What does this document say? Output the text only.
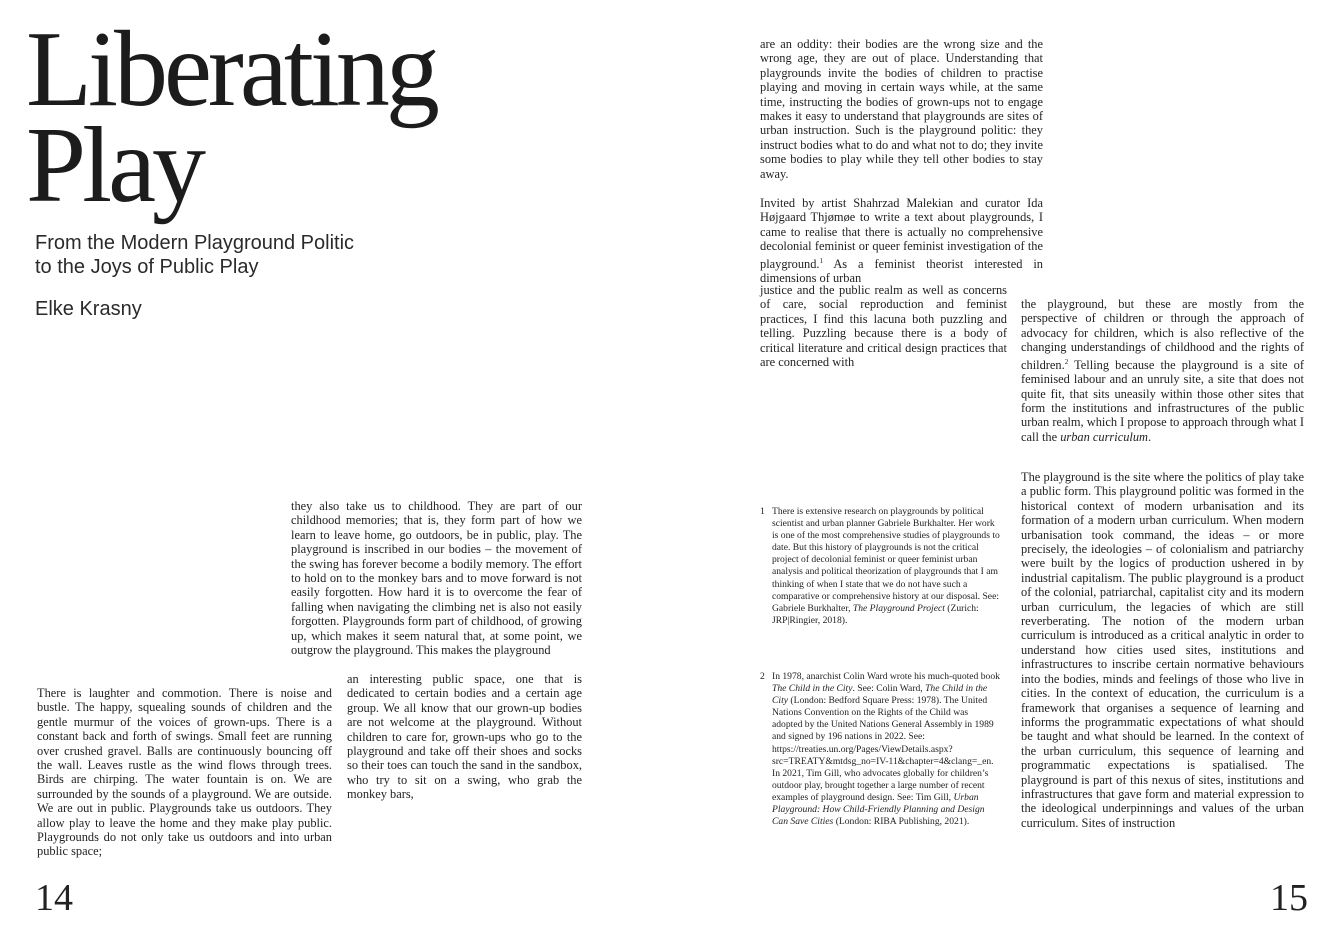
Liberating
Play
From the Modern Playground Politic
to the Joys of Public Play
Elke Krasny

they also take us to childhood. They are part of our childhood memories; that is, they form part of how we learn to leave home, go outdoors, be in public, play. The playground is inscribed in our bodies – the movement of the swing has forever become a bodily memory. The effort to hold on to the monkey bars and to move forward is not easily forgotten. How hard it is to overcome the fear of falling when navigating the climbing net is also not easily forgotten. Playgrounds form part of childhood, of growing up, which makes it seem natural that, at some point, we outgrow the playground. This makes the playground

an interesting public space, one that is dedicated to certain bodies and a certain age group. We all know that our grown-up bodies are not welcome at the playground. Without children to care for, grown-ups who go to the playground and take off their shoes and socks so their toes can touch the sand in the sandbox, who try to sit on a swing, who grab the monkey bars,

There is laughter and commotion. There is noise and bustle. The happy, squealing sounds of children and the gentle murmur of the voices of grown-ups. There is a constant back and forth of swings. Small feet are running over crushed gravel. Balls are continuously bouncing off the wall. Leaves rustle as the wind flows through trees. Birds are chirping. The water fountain is on. We are surrounded by the sounds of a playground. We are outside. We are out in public. Playgrounds take us outdoors. They allow play to leave the home and they make play public. Playgrounds do not only take us outdoors and into urban public space;

14

are an oddity: their bodies are the wrong size and the wrong age, they are out of place. Understanding that playgrounds invite the bodies of children to practise playing and moving in certain ways while, at the same time, instructing the bodies of grown-ups not to engage makes it easy to understand that playgrounds are sites of urban instruction. Such is the playground politic: they instruct bodies what to do and what not to do; they invite some bodies to play while they tell other bodies to stay away.

Invited by artist Shahrzad Malekian and curator Ida Højgaard Thjømøe to write a text about playgrounds, I came to realise that there is actually no comprehensive decolonial feminist or queer feminist investigation of the playground.$^1$ As a feminist theorist interested in dimensions of urban

justice and the public realm as well as concerns of care, social reproduction and feminist practices, I find this lacuna both puzzling and telling. Puzzling because there is a body of critical literature and critical design practices that are concerned with

the playground, but these are mostly from the perspective of children or through the approach of advocacy for children, which is also reflective of the changing understandings of childhood and the rights of children.$^2$ Telling because the playground is a site of feminised labour and an unruly site, a site that does not quite fit, that sits uneasily within those other sites that form the institutions and infrastructures of the public urban realm, which I propose to approach through what I call the urban curriculum.

The playground is the site where the politics of play take a public form. This playground politic was formed in the historical context of modern urbanisation and its formation of a modern urban curriculum. When modern urbanisation took command, the ideas – or more precisely, the ideologies – of colonialism and patriarchy were built by the logics of production ushered in by industrial capitalism. The public playground is a product of the colonial, patriarchal, capitalist city and its modern urban curriculum, the legacies of which are still reverberating. The notion of the modern urban curriculum is introduced as a critical analytic in order to understand how cities used sites, institutions and infrastructures to inscribe certain normative behaviours into the bodies, minds and feelings of those who live in cities. In the context of education, the curriculum is a framework that organises a sequence of learning and informs the programmatic expectations of what should be taught and what should be learned. In the context of the urban curriculum, this sequence of learning and programmatic expectations is spatialised. The playground is part of this nexus of sites, institutions and infrastructures that gave form and material expression to the ideological underpinnings and values of the urban curriculum. Sites of instruction

1 There is extensive research on playgrounds by political scientist and urban planner Gabriele Burkhalter. Her work is one of the most comprehensive studies of playgrounds to date. But this history of playgrounds is not the critical project of decolonial feminist or queer feminist urban analysis and political theorization of playgrounds that I am thinking of when I state that we do not have such a comparative or comprehensive history at our disposal. See: Gabriele Burkhalter, The Playground Project (Zurich: JRP|Ringier, 2018).
2 In 1978, anarchist Colin Ward wrote his much-quoted book The Child in the City. See: Colin Ward, The Child in the City (London: Bedford Square Press: 1978). The United Nations Convention on the Rights of the Child was adopted by the United Nations General Assembly in 1989 and signed by 196 nations in 2022. See: https://treaties.un.org/Pages/ViewDetails.aspx?src=TREATY&mtdsg_no=IV-11&chapter=4&clang=_en. In 2021, Tim Gill, who advocates globally for children’s outdoor play, brought together a large number of recent examples of playground design. See: Tim Gill, Urban Playground: How Child-Friendly Planning and Design Can Save Cities (London: RIBA Publishing, 2021).
15
